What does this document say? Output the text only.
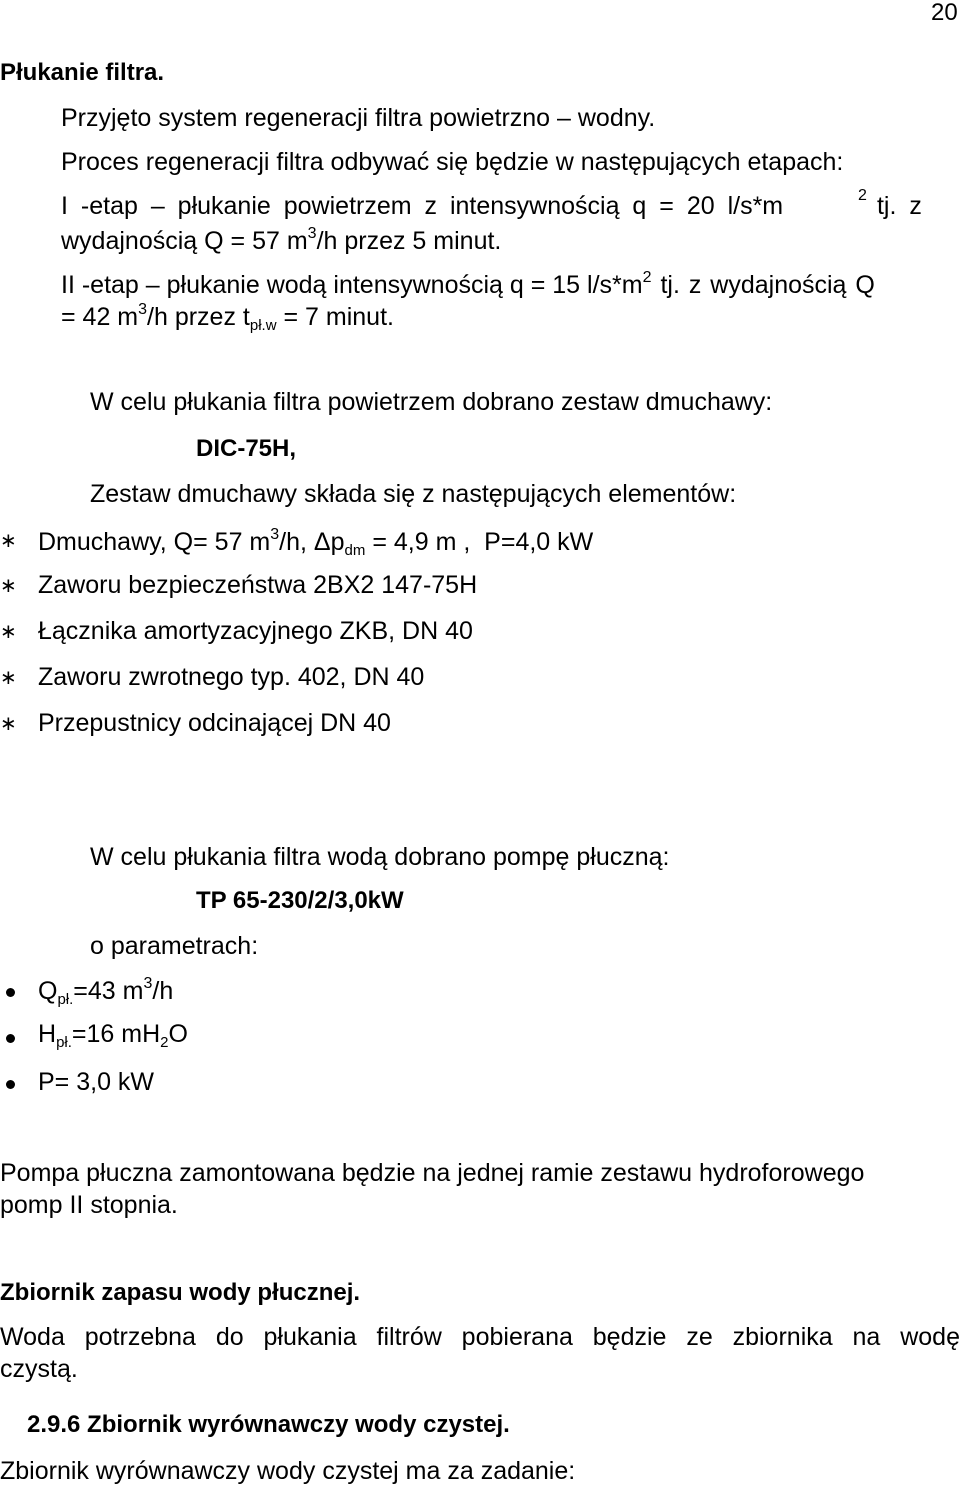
20
Płukanie filtra.
Przyjęto system regeneracji filtra powietrzno – wodny.
Proces regeneracji filtra odbywać się będzie w następujących etapach:
I -etap – płukanie powietrzem z intensywnością q = 20 l/s*m	2 tj. z
wydajnością Q = 57 $m^3/h$ przez 5 minut.
II -etap – płukanie wodą intensywnością q = 15 $l/s*m^2$ tj. z wydajnością Q
= 42 $m^3/h$ przez $t_{pł.w} = 7$ minut.
W celu płukania filtra powietrzem dobrano zestaw dmuchawy:
DIC-75H,
Zestaw dmuchawy składa się z następujących elementów:
∗ Dmuchawy, Q= 57 $m^3/h$, $\Delta p_{dm} = 4,9$ m ,  P=4,0 kW
∗ Zaworu bezpieczeństwa 2BX2 147-75H
∗ Łącznika amortyzacyjnego ZKB, DN 40
∗ Zaworu zwrotnego typ. 402, DN 40
∗ Przepustnicy odcinającej DN 40
W celu płukania filtra wodą dobrano pompę płuczną:
TP 65-230/2/3,0kW
o parametrach:
$Q_{pł.}=43$ $m^3/h$
$H_{pł.}=16$ $mH_2O$
P= 3,0 kW
Pompa płuczna zamontowana będzie na jednej ramie zestawu hydroforowego
pomp II stopnia.
Zbiornik zapasu wody płucznej.
Woda potrzebna do płukania filtrów pobierana będzie ze zbiornika na wodę
czystą.
2.9.6 Zbiornik wyrównawczy wody czystej.
Zbiornik wyrównawczy wody czystej ma za zadanie:
